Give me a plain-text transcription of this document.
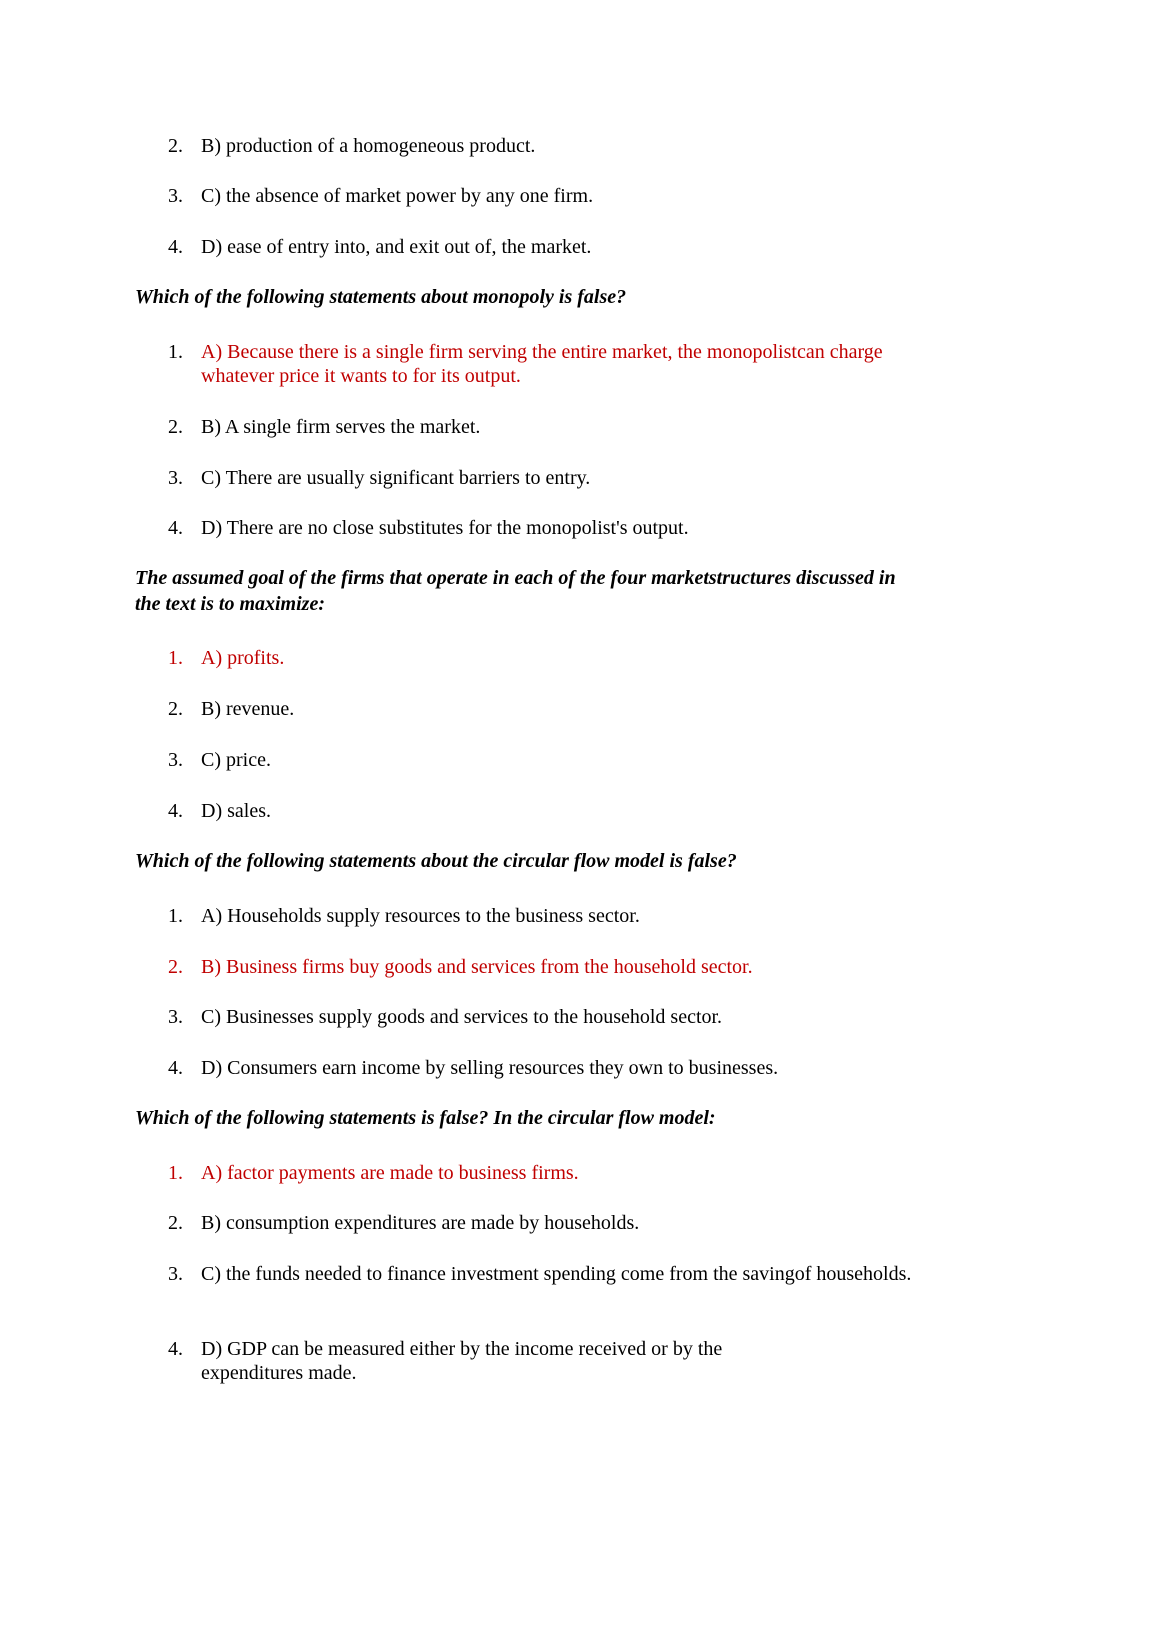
2. B) production of a homogeneous product.
3. C) the absence of market power by any one firm.
4. D) ease of entry into, and exit out of, the market.
Which of the following statements about monopoly is false?
1. A) Because there is a single firm serving the entire market, the monopolistcan charge whatever price it wants to for its output.
2. B) A single firm serves the market.
3. C) There are usually significant barriers to entry.
4. D) There are no close substitutes for the monopolist's output.
The assumed goal of the firms that operate in each of the four marketstructures discussed in the text is to maximize:
1. A) profits.
2. B) revenue.
3. C) price.
4. D) sales.
Which of the following statements about the circular flow model is false?
1. A) Households supply resources to the business sector.
2. B) Business firms buy goods and services from the household sector.
3. C) Businesses supply goods and services to the household sector.
4. D) Consumers earn income by selling resources they own to businesses.
Which of the following statements is false? In the circular flow model:
1. A) factor payments are made to business firms.
2. B) consumption expenditures are made by households.
3. C) the funds needed to finance investment spending come from the savingof households.
4. D) GDP can be measured either by the income received or by the expenditures made.
